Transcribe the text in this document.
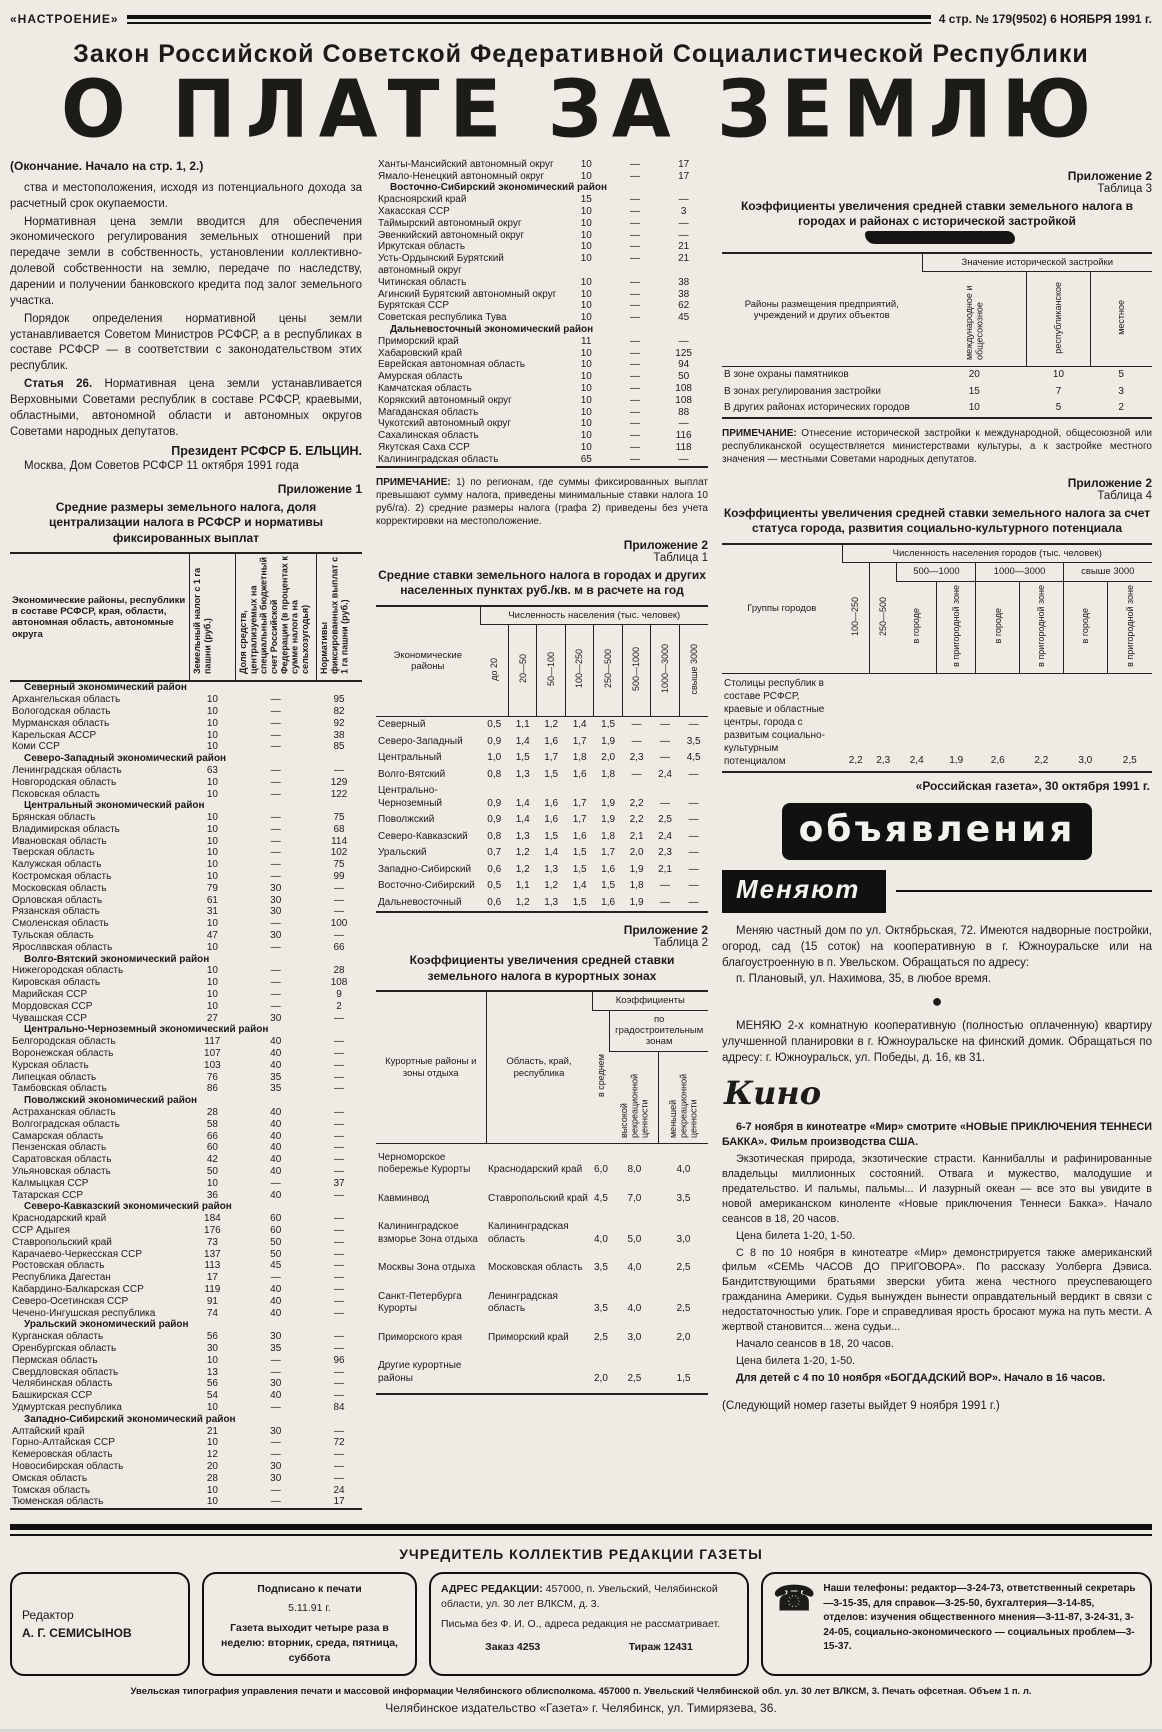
«НАСТРОЕНИЕ»	4 стр. № 179(9502) 6 НОЯБРЯ 1991 г.
Закон Российской Советской Федеративной Социалистической Республики
О ПЛАТЕ ЗА ЗЕМЛЮ
(Окончание. Начало на стр. 1, 2.)

ства и местоположения, исходя из потенциального дохода за расчетный срок окупаемости.

Нормативная цена земли вводится для обеспечения экономического регулирования земельных отношений при передаче земли в собственность, установлении коллективно-долевой собственности на землю, передаче по наследству, дарении и получении банковского кредита под залог земельного участка.

Порядок определения нормативной цены земли устанавливается Советом Министров РСФСР, а в республиках в составе РСФСР — в соответствии с законодательством этих республик.

Статья 26. Нормативная цена земли устанавливается Верховными Советами республик в составе РСФСР, краевыми, областными, автономной области и автономных округов Советами народных депутатов.

Президент РСФСР Б. ЕЛЬЦИН.
Москва, Дом Советов РСФСР 11 октября 1991 года
Приложение 1
Средние размеры земельного налога, доля централизации налога в РСФСР и нормативы фиксированных выплат
Экономические районы, республики в составе РСФСР, края, области, автономная область, автономные округа	Земельный налог с 1 га пашни (руб.)	Доля средств, централизуемых на специальный бюджетный счет Российской Федерации (в процентах к сумме налога на сельхозугодья)	Нормативы фиксированных выплат с 1 га пашни (руб.)
Северный экономический район			
Архангельская область	10	—	95
Вологодская область	10	—	82
Мурманская область	10	—	92
Карельская АССР	10	—	38
Коми ССР	10	—	85
Северо-Западный экономический район			
Ленинградская область	63	—	—
Новгородская область	10	—	129
Псковская область	10	—	122
Центральный экономический район			
Брянская область	10	—	75
Владимирская область	10	—	68
Ивановская область	10	—	114
Тверская область	10	—	102
Калужская область	10	—	75
Костромская область	10	—	99
Московская область	79	30	—
Орловская область	61	30	—
Рязанская область	31	30	—
Смоленская область	10	—	100
Тульская область	47	30	—
Ярославская область	10	—	66
Волго-Вятский экономический район			
Нижегородская область	10	—	28
Кировская область	10	—	108
Марийская ССР	10	—	9
Мордовская ССР	10	—	2
Чувашская ССР	27	30	—
Центрально-Черноземный экономический район			
Белгородская область	117	40	—
Воронежская область	107	40	—
Курская область	103	40	—
Липецкая область	76	35	—
Тамбовская область	86	35	—
Поволжский экономический район			
Астраханская область	28	40	—
Волгоградская область	58	40	—
Самарская область	66	40	—
Пензенская область	60	40	—
Саратовская область	42	40	—
Ульяновская область	50	40	—
Калмыцкая ССР	10	—	37
Татарская ССР	36	40	—
Северо-Кавказский экономический район			
Краснодарский край	184	60	—
ССР Адыгея	176	60	—
Ставропольский край	73	50	—
Карачаево-Черкесская ССР	137	50	—
Ростовская область	113	45	—
Республика Дагестан	17	—	—
Кабардино-Балкарская ССР	119	40	—
Северо-Осетинская ССР	91	40	—
Чечено-Ингушская республика	74	40	—
Уральский экономический район			
Курганская область	56	30	—
Оренбургская область	30	35	—
Пермская область	10	—	96
Свердловская область	13	—	—
Челябинская область	56	30	—
Башкирская ССР	54	40	—
Удмуртская республика	10	—	84
Западно-Сибирский экономический район			
Алтайский край	21	30	—
Горно-Алтайская ССР	10	—	72
Кемеровская область	12	—	—
Новосибирская область	20	30	—
Омская область	28	30	—
Томская область	10	—	24
Тюменская область	10	—	17
Ханты-Мансийский автономный округ	10	—	17
Ямало-Ненецкий автономный округ	10	—	17
Восточно-Сибирский экономический район			
Красноярский край	15	—	—
Хакасская ССР	10	—	3
Таймырский автономный округ	10	—	—
Эвенкийский автономный округ	10	—	—
Иркутская область	10	—	21
Усть-Ордынский Бурятский автономный округ	10	—	21
Читинская область	10	—	38
Агинский Бурятский автономный округ	10	—	38
Бурятская ССР	10	—	62
Советская республика Тува	10	—	45
Дальневосточный экономический район			
Приморский край	11	—	—
Хабаровский край	10	—	125
Еврейская автономная область	10	—	94
Амурская область	10	—	50
Камчатская область	10	—	108
Корякский автономный округ	10	—	108
Магаданская область	10	—	88
Чукотский автономный округ	10	—	—
Сахалинская область	10	—	116
Якутская Саха ССР	10	—	118
Калининградская область	65	—	—

ПРИМЕЧАНИЕ: 1) по регионам, где суммы фиксированных выплат превышают сумму налога, приведены минимальные ставки налога 10 руб/га). 2) средние размеры налога (графа 2) приведены без учета корректировки на местоположение.

Приложение 2
Таблица 1
Средние ставки земельного налога в городах и других населенных пунктах руб./кв. м в расчете на год
Экономические районы	Численность населения (тыс. человек)							
	до 20	20—50	50—100	100—250	250—500	500—1000	1000—3000	свыше 3000
Северный	0,5	1,1	1,2	1,4	1,5	—	—	—
Северо-Западный	0,9	1,4	1,6	1,7	1,9	—	—	3,5
Центральный	1,0	1,5	1,7	1,8	2,0	2,3	—	4,5
Волго-Вятский	0,8	1,3	1,5	1,6	1,8	—	2,4	—
Центрально-Черноземный	0,9	1,4	1,6	1,7	1,9	2,2	—	—
Поволжский	0,9	1,4	1,6	1,7	1,9	2,2	2,5	—
Северо-Кавказский	0,8	1,3	1,5	1,6	1,8	2,1	2,4	—
Уральский	0,7	1,2	1,4	1,5	1,7	2,0	2,3	—
Западно-Сибирский	0,6	1,2	1,3	1,5	1,6	1,9	2,1	—
Восточно-Сибирский	0,5	1,1	1,2	1,4	1,5	1,8	—	—
Дальневосточный	0,6	1,2	1,3	1,5	1,6	1,9	—	—
Приложение 2
Таблица 2
Коэффициенты увеличения средней ставки земельного налога в курортных зонах
Курортные районы и зоны отдыха	Область, край, республика	Коэффициенты		
		в среднем	по градостроительным зонам	
			высокой рекреационной ценности	меньшей рекреационной ценности
Черноморское побережье Курорты	Краснодарский край	6,0	8,0	4,0
Кавминвод	Ставропольский край	4,5	7,0	3,5
Калининградское взморье Зона отдыха	Калининградская область	4,0	5,0	3,0
Москвы Зона отдыха	Московская область	3,5	4,0	2,5
Санкт-Петербурга Курорты	Ленинградская область	3,5	4,0	2,5
Приморского края	Приморский край	2,5	3,0	2,0
Другие курортные районы		2,0	2,5	1,5
Приложение 2
Таблица 3
Коэффициенты увеличения средней ставки земельного налога в городах и районах с исторической застройкой
Районы размещения предприятий, учреждений и других объектов	Значение исторической застройки		
	международное и общесоюзное	республиканское	местное
В зоне охраны памятников	20	10	5
В зонах регулирования застройки	15	7	3
В других районах исторических городов	10	5	2

ПРИМЕЧАНИЕ: Отнесение исторической застройки к международной, общесоюзной или республиканской осуществляется министерствами культуры, а к застройке местного значения — местными Советами народных депутатов.

Приложение 2
Таблица 4
Коэффициенты увеличения средней ставки земельного налога за счет статуса города, развития социально-культурного потенциала
Группы городов	Численность населения городов (тыс. человек)							
	100—250	250—500	500—1000		1000—3000		свыше 3000	
			в городе	в пригородной зоне	в городе	в пригородной зоне	в городе	в пригородной зоне
Столицы республик в составе РСФСР, краевые и областные центры, города с развитым социально-культурным потенциалом	2,2	2,3	2,4	1,9	2,6	2,2	3,0	2,5
«Российская газета», 30 октября 1991 г.
объявления
Меняют

Меняю частный дом по ул. Октябрьская, 72. Имеются надворные постройки, огород, сад (15 соток) на кооперативную в г. Южноуральске или на благоустроенную в п. Увельском. Обращаться по адресу:

п. Плановый, ул. Нахимова, 35, в любое время.

●

МЕНЯЮ 2-х комнатную кооперативную (полностью оплаченную) квартиру улучшенной планировки в г. Южноуральске на финский домик. Обращаться по адресу: г. Южноуральск, ул. Победы, д. 16, кв 31.

Кино

6-7 ноября в кинотеатре «Мир» смотрите «НОВЫЕ ПРИКЛЮЧЕНИЯ ТЕННЕСИ БАККА». Фильм производства США.

Экзотическая природа, экзотические страсти. Каннибаллы и рафинированные владельцы миллионных состояний. Отвага и мужество, малодушие и предательство. И пальмы, пальмы... И лазурный океан — все это вы увидите в новой американском киноленте «Новые приключения Теннеси Бакка». Начало сеансов в 18, 20 часов.

Цена билета 1-20, 1-50.

С 8 по 10 ноября в кинотеатре «Мир» демонстрируется также американский фильм «СЕМЬ ЧАСОВ ДО ПРИГОВОРА». По рассказу Уолберга Дэвиса. Бандитствующими братьями зверски убита жена честного преуспевающего гражданина Америки. Судья вынужден вынести оправдательный вердикт в связи с недостаточностью улик. Горе и справедливая ярость бросают мужа на путь мести. А жертвой становится... жена судьи...

Начало сеансов в 18, 20 часов.

Цена билета 1-20, 1-50.

Для детей с 4 по 10 ноября «БОГДАДСКИЙ ВОР». Начало в 16 часов.

(Следующий номер газеты выйдет 9 ноября 1991 г.)
УЧРЕДИТЕЛЬ КОЛЛЕКТИВ РЕДАКЦИИ ГАЗЕТЫ
Редактор
А. Г. СЕМИСЫНОВ
Подписано к печати
5.11.91 г.
Газета выходит четыре раза в неделю: вторник, среда, пятница, суббота
АДРЕС РЕДАКЦИИ: 457000, п. Увельский, Челябинской области, ул. 30 лет ВЛКСМ, д. 3.
Письма без Ф. И. О., адреса редакция не рассматривает.
Заказ 4253	Тираж 12431
☎ Наши телефоны: редактор—3-24-73, ответственный секретарь—3-15-35, для справок—3-25-50, бухгалтерия—3-14-85, отделов: изучения общественного мнения—3-11-87, 3-24-31, 3-24-05, социально-экономического — социальных проблем—3-15-37.
Увельская типография управления печати и массовой информации Челябинского облисполкома. 457000 п. Увельский Челябинской обл. ул. 30 лет ВЛКСМ, 3. Печать офсетная. Объем 1 п. л.
Челябинское издательство «Газета» г. Челябинск, ул. Тимирязева, 36.
